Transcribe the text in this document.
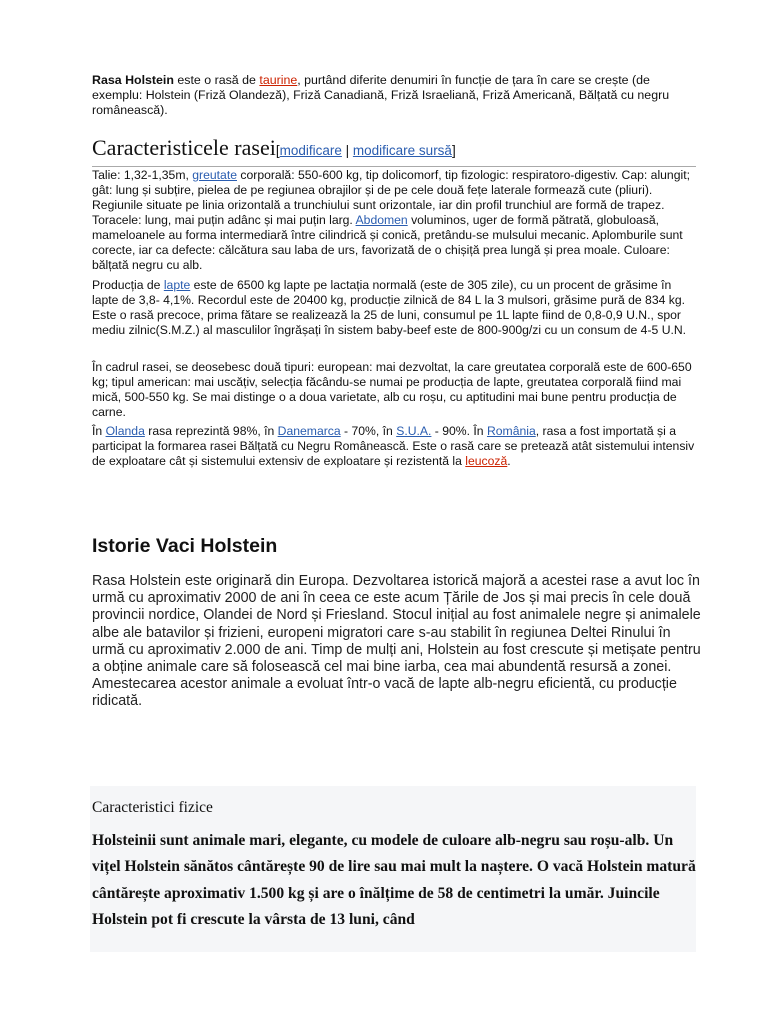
Rasa Holstein este o rasă de taurine, purtând diferite denumiri în funcție de țara în care se crește (de exemplu: Holstein (Friză Olandeză), Friză Canadiană, Friză Israeliană, Friză Americană, Bălțată cu negru românească).
Caracteristicele rasei[modificare | modificare sursă]

Talie: 1,32-1,35m, greutate corporală: 550-600 kg, tip dolicomorf, tip fizologic: respiratoro-digestiv. Cap: alungit; gât: lung și subțire, pielea de pe regiunea obrajilor și de pe cele două fețe laterale formează cute (pliuri). Regiunile situate pe linia orizontală a trunchiului sunt orizontale, iar din profil trunchiul are formă de trapez. Toracele: lung, mai puțin adânc și mai puțin larg. Abdomen voluminos, uger de formă pătrată, globuloasă, mameloanele au forma intermediară între cilindrică și conică, pretându-se mulsului mecanic. Aplomburile sunt corecte, iar ca defecte: călcătura sau laba de urs, favorizată de o chișiță prea lungă și prea moale. Culoare: bălțată negru cu alb.

Producția de lapte este de 6500 kg lapte pe lactația normală (este de 305 zile), cu un procent de grăsime în lapte de 3,8- 4,1%. Recordul este de 20400 kg, producție zilnică de 84 L la 3 mulsori, grăsime pură de 834 kg. Este o rasă precoce, prima fătare se realizează la 25 de luni, consumul pe 1L lapte fiind de 0,8-0,9 U.N., spor mediu zilnic(S.M.Z.) al masculilor îngrășați în sistem baby-beef este de 800-900g/zi cu un consum de 4-5 U.N.

În cadrul rasei, se deosebesc două tipuri: european: mai dezvoltat, la care greutatea corporală este de 600-650 kg; tipul american: mai uscățiv, selecția făcându-se numai pe producția de lapte, greutatea corporală fiind mai mică, 500-550 kg. Se mai distinge o a doua varietate, alb cu roșu, cu aptitudini mai bune pentru producția de carne.

În Olanda rasa reprezintă 98%, în Danemarca - 70%, în S.U.A. - 90%. În România, rasa a fost importată și a participat la formarea rasei Bălțată cu Negru Românească. Este o rasă care se pretează atât sistemului intensiv de exploatare cât și sistemului extensiv de exploatare și rezistentă la leucoză.

Istorie Vaci Holstein
Rasa Holstein este originară din Europa. Dezvoltarea istorică majoră a acestei rase a avut loc în urmă cu aproximativ 2000 de ani în ceea ce este acum Țările de Jos și mai precis în cele două provincii nordice, Olandei de Nord și Friesland. Stocul inițial au fost animalele negre și animalele albe ale batavilor și frizieni, europeni migratori care s-au stabilit în regiunea Deltei Rinului în urmă cu aproximativ 2.000 de ani. Timp de mulți ani, Holstein au fost crescute și metișate pentru a obține animale care să folosească cel mai bine iarba, cea mai abundentă resursă a zonei. Amestecarea acestor animale a evoluat într-o vacă de lapte alb-negru eficientă, cu producție ridicată.
Caracteristici fizice
Holsteinii sunt animale mari, elegante, cu modele de culoare alb-negru sau roșu-alb. Un vițel Holstein sănătos cântărește 90 de lire sau mai mult la naștere. O vacă Holstein matură cântărește aproximativ 1.500 kg și are o înălțime de 58 de centimetri la umăr. Juincile Holstein pot fi crescute la vârsta de 13 luni, când
